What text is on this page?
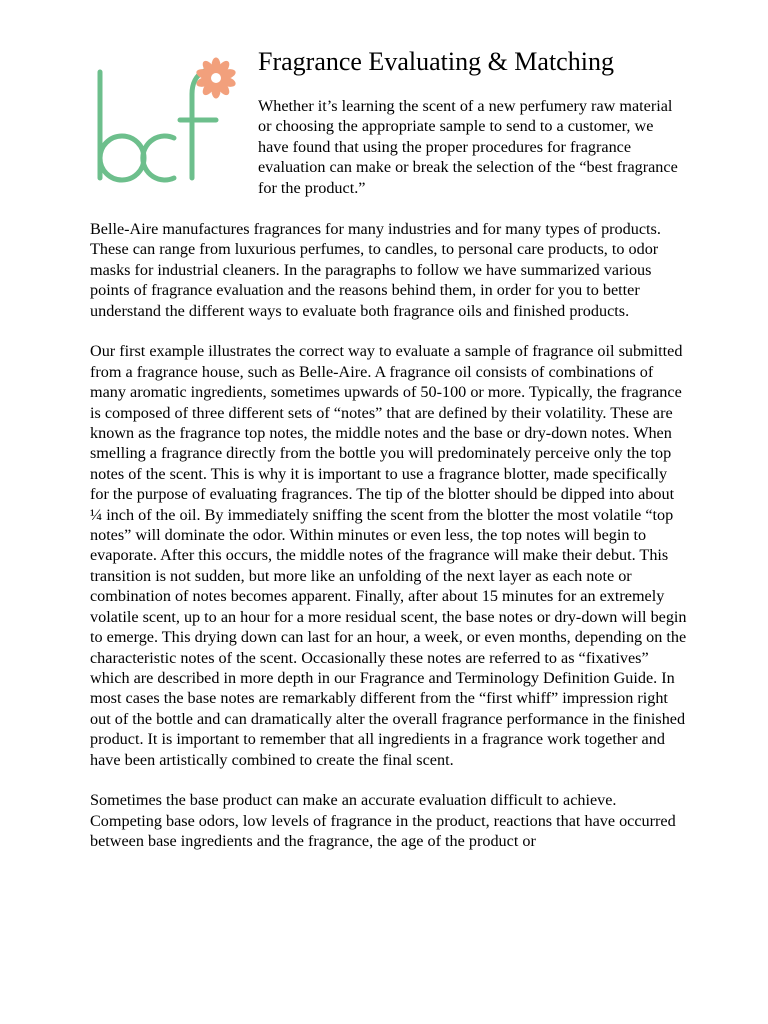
Fragrance Evaluating & Matching

Whether it’s learning the scent of a new perfumery raw material or choosing the appropriate sample to send to a customer, we have found that using the proper procedures for fragrance evaluation can make or break the selection of the “best fragrance for the product.”

Belle-Aire manufactures fragrances for many industries and for many types of products. These can range from luxurious perfumes, to candles, to personal care products, to odor masks for industrial cleaners. In the paragraphs to follow we have summarized various points of fragrance evaluation and the reasons behind them, in order for you to better understand the different ways to evaluate both fragrance oils and finished products.

Our first example illustrates the correct way to evaluate a sample of fragrance oil submitted from a fragrance house, such as Belle-Aire. A fragrance oil consists of combinations of many aromatic ingredients, sometimes upwards of 50-100 or more. Typically, the fragrance is composed of three different sets of “notes” that are defined by their volatility. These are known as the fragrance top notes, the middle notes and the base or dry-down notes. When smelling a fragrance directly from the bottle you will predominately perceive only the top notes of the scent. This is why it is important to use a fragrance blotter, made specifically for the purpose of evaluating fragrances. The tip of the blotter should be dipped into about ¼ inch of the oil. By immediately sniffing the scent from the blotter the most volatile “top notes” will dominate the odor. Within minutes or even less, the top notes will begin to evaporate. After this occurs, the middle notes of the fragrance will make their debut. This transition is not sudden, but more like an unfolding of the next layer as each note or combination of notes becomes apparent. Finally, after about 15 minutes for an extremely volatile scent, up to an hour for a more residual scent, the base notes or dry-down will begin to emerge. This drying down can last for an hour, a week, or even months, depending on the characteristic notes of the scent. Occasionally these notes are referred to as “fixatives” which are described in more depth in our Fragrance and Terminology Definition Guide. In most cases the base notes are remarkably different from the “first whiff” impression right out of the bottle and can dramatically alter the overall fragrance performance in the finished product. It is important to remember that all ingredients in a fragrance work together and have been artistically combined to create the final scent.

Sometimes the base product can make an accurate evaluation difficult to achieve. Competing base odors, low levels of fragrance in the product, reactions that have occurred between base ingredients and the fragrance, the age of the product or
